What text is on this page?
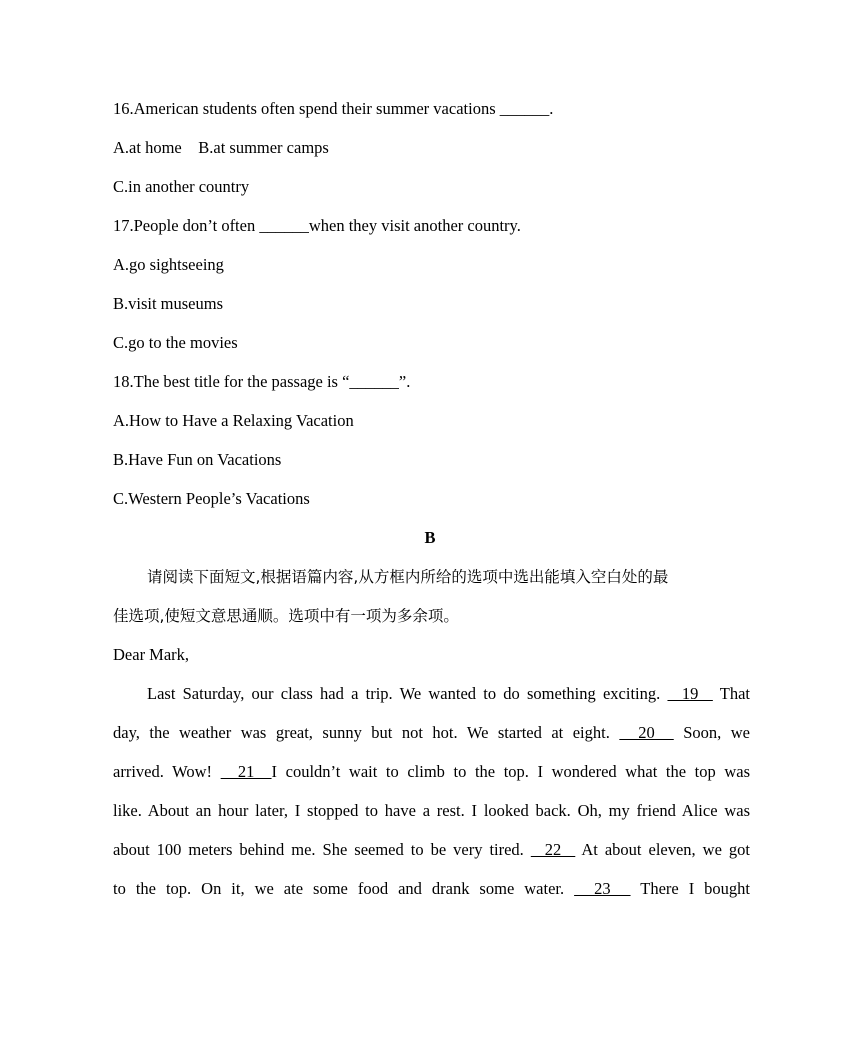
16.American students often spend their summer vacations ______.
A.at home B.at summer camps
C.in another country
17.People don’t often ______when they visit another country.
A.go sightseeing
B.visit museums
C.go to the movies
18.The best title for the passage is “______”.
A.How to Have a Relaxing Vacation
B.Have Fun on Vacations
C.Western People’s Vacations
B
请阅读下面短文,根据语篇内容,从方框内所给的选项中选出能填入空白处的最
佳选项,使短文意思通顺。选项中有一项为多余项。
Dear Mark,
Last Saturday, our class had a trip. We wanted to do something exciting.   19   That
day, the weather was great, sunny but not hot. We started at eight.   20   Soon, we
arrived. Wow!   21  I couldn’t wait to climb to the top. I wondered what the top was
like. About an hour later, I stopped to have a rest. I looked back. Oh, my friend Alice was
about 100 meters behind me. She seemed to be very tired.   22   At about eleven, we got
to the top. On it, we ate some food and drank some water.   23   There I bought
